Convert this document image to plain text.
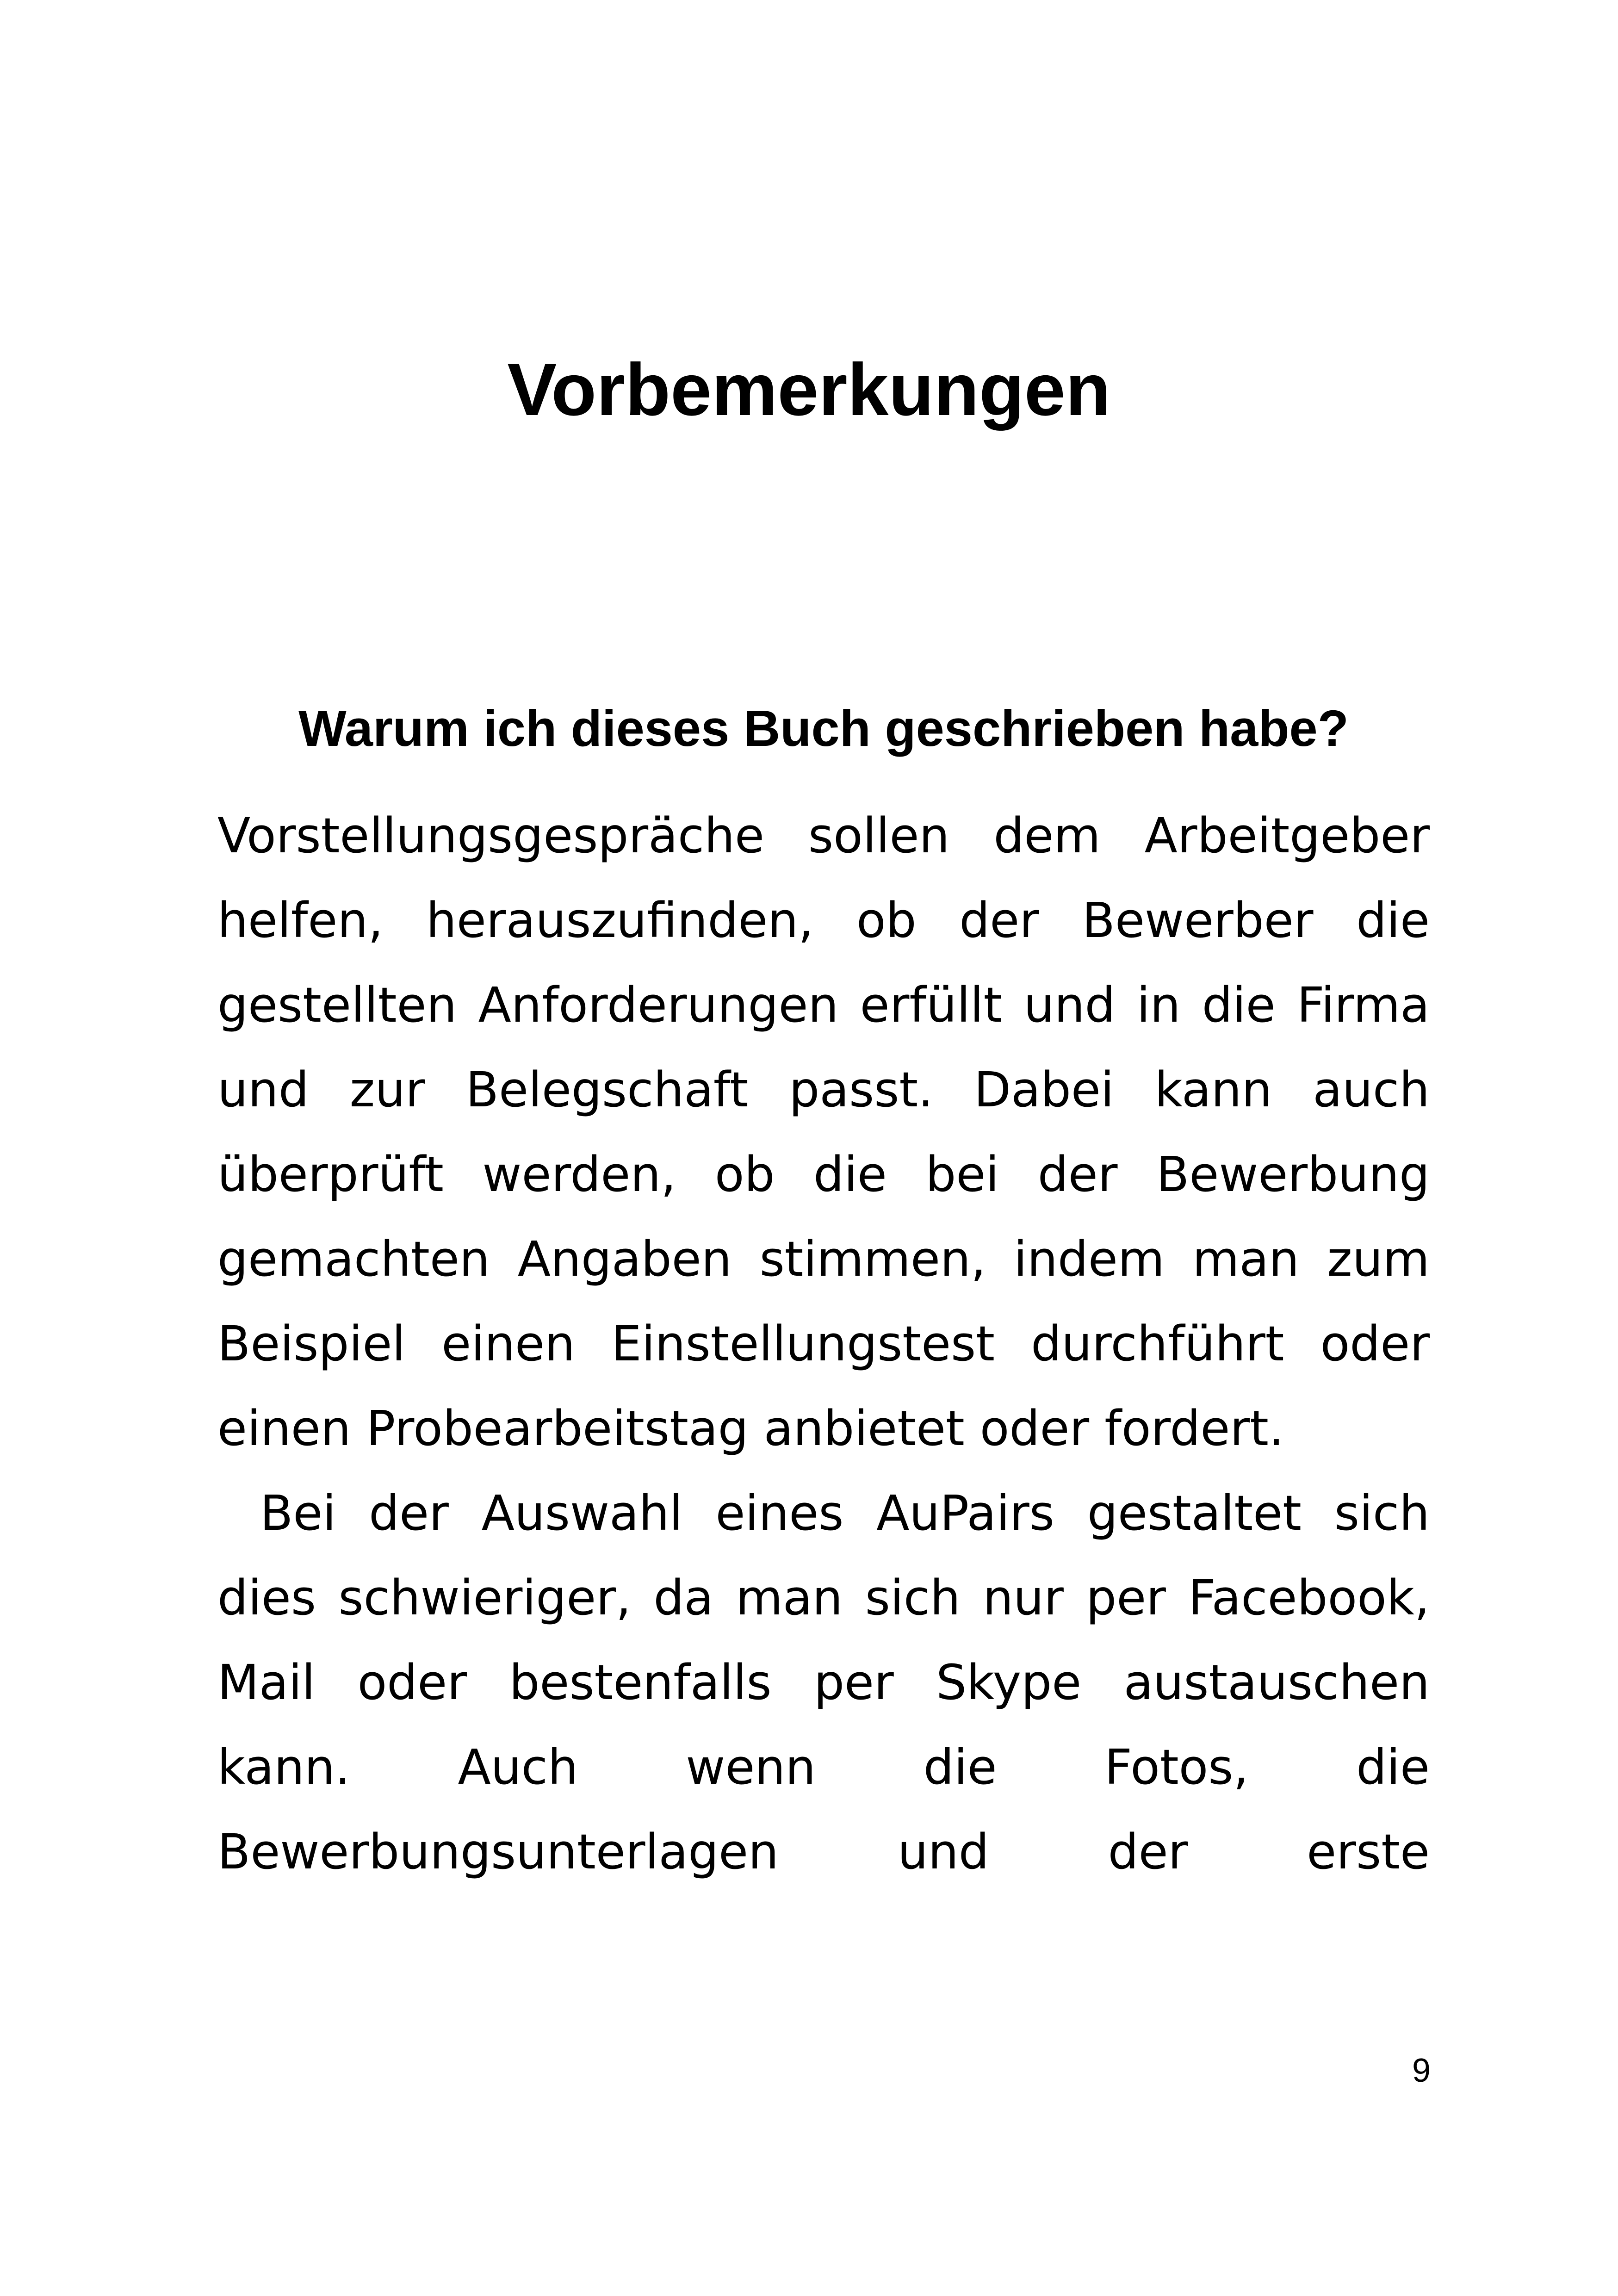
Vorbemerkungen
Warum ich dieses Buch geschrieben habe?

Vorstellungsgespräche sollen dem Arbeitgeber helfen, herauszufinden, ob der Bewerber die gestellten Anforderungen erfüllt und in die Firma und zur Belegschaft passt. Dabei kann auch überprüft werden, ob die bei der Bewerbung gemachten Angaben stimmen, indem man zum Beispiel einen Einstellungstest durchführt oder einen Probearbeitstag anbietet oder fordert.

Bei der Auswahl eines AuPairs gestaltet sich dies schwieriger, da man sich nur per Facebook, Mail oder bestenfalls per Skype austauschen kann. Auch wenn die Fotos, die Bewerbungsunterlagen und der erste

9
